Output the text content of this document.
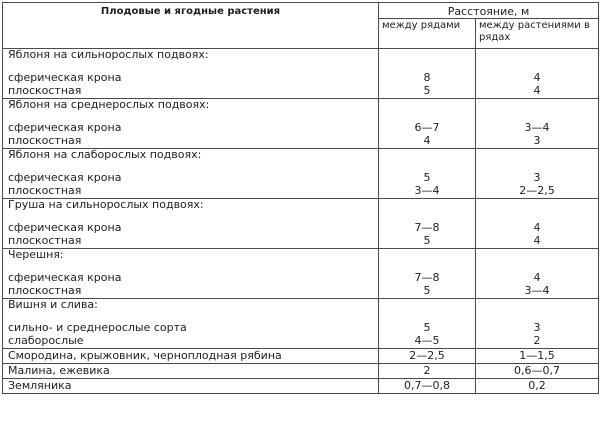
Плодовые и ягодные растения	Расстояние, м	
	между рядами	между растениями в рядах
Яблоня на сильнорослых подвоях:		
сферическая крона	8	4
плоскостная	5	4
Яблоня на среднерослых подвоях:		
сферическая крона	6—7	3—4
плоскостная	4	3
Яблоня на слаборослых подвоях:		
сферическая крона	5	3
плоскостная	3—4	2—2,5
Груша на сильнорослых подвоях:		
сферическая крона	7—8	4
плоскостная	5	4
Черешня:		
сферическая крона	7—8	4
плоскостная	5	3—4
Вишня и слива:		
сильно- и среднерослые сорта	5	3
слаборослые	4—5	2
Смородина, крыжовник, черноплодная рябина	2—2,5	1—1,5
Малина, ежевика	2	0,6—0,7
Земляника	0,7—0,8	0,2
